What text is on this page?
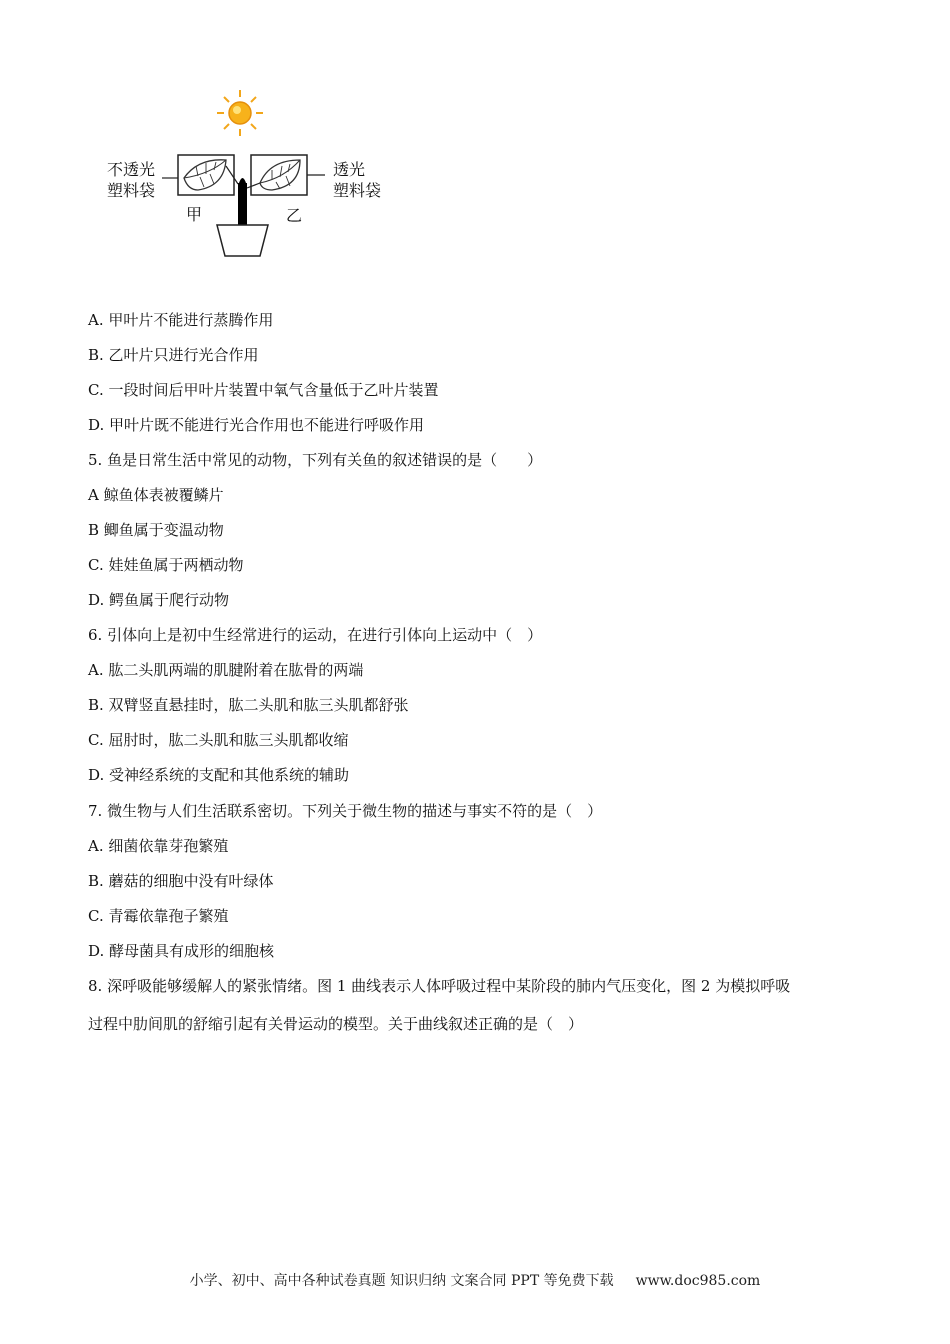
不透光
塑料袋
透光
塑料袋
甲	乙
A. 甲叶片不能进行蒸腾作用
B. 乙叶片只进行光合作用
C. 一段时间后甲叶片装置中氧气含量低于乙叶片装置
D. 甲叶片既不能进行光合作用也不能进行呼吸作用
5. 鱼是日常生活中常见的动物，下列有关鱼的叙述错误的是（　　）
A 鲸鱼体表被覆鳞片
B 鲫鱼属于变温动物
C. 娃娃鱼属于两栖动物
D. 鳄鱼属于爬行动物
6. 引体向上是初中生经常进行的运动，在进行引体向上运动中（　）
A. 肱二头肌两端的肌腱附着在肱骨的两端
B. 双臂竖直悬挂时，肱二头肌和肱三头肌都舒张
C. 屈肘时，肱二头肌和肱三头肌都收缩
D. 受神经系统的支配和其他系统的辅助
7. 微生物与人们生活联系密切。下列关于微生物的描述与事实不符的是（　）
A. 细菌依靠芽孢繁殖
B. 蘑菇的细胞中没有叶绿体
C. 青霉依靠孢子繁殖
D. 酵母菌具有成形的细胞核
8. 深呼吸能够缓解人的紧张情绪。图 1 曲线表示人体呼吸过程中某阶段的肺内气压变化，图 2 为模拟呼吸
过程中肋间肌的舒缩引起有关骨运动的模型。关于曲线叙述正确的是（　）
小学、初中、高中各种试卷真题 知识归纳 文案合同 PPT 等免费下载 www.doc985.com
